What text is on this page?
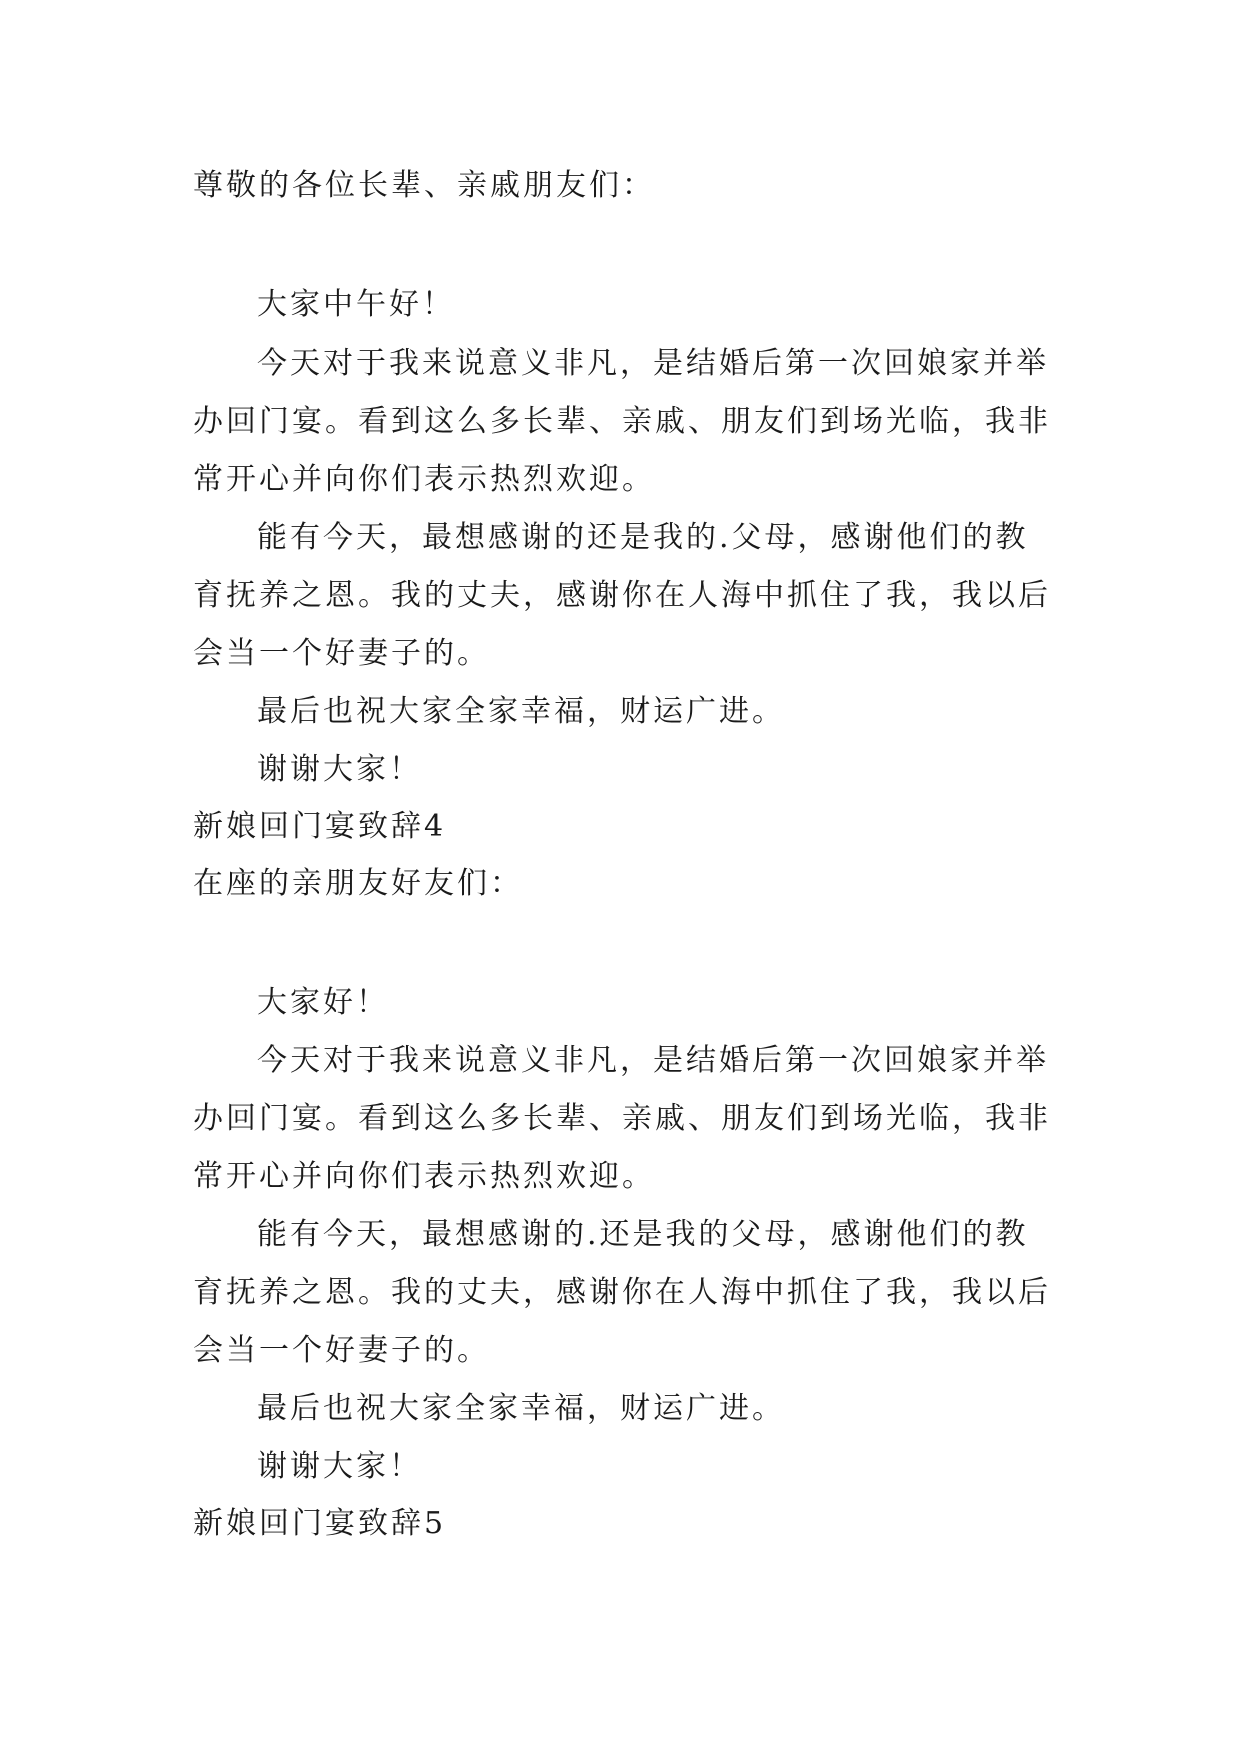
尊敬的各位长辈、亲戚朋友们：
大家中午好！
今天对于我来说意义非凡，是结婚后第一次回娘家并举
办回门宴。看到这么多长辈、亲戚、朋友们到场光临，我非
常开心并向你们表示热烈欢迎。
能有今天，最想感谢的还是我的.父母，感谢他们的教
育抚养之恩。我的丈夫，感谢你在人海中抓住了我，我以后
会当一个好妻子的。
最后也祝大家全家幸福，财运广进。
谢谢大家！
新娘回门宴致辞4
在座的亲朋友好友们：
大家好！
今天对于我来说意义非凡，是结婚后第一次回娘家并举
办回门宴。看到这么多长辈、亲戚、朋友们到场光临，我非
常开心并向你们表示热烈欢迎。
能有今天，最想感谢的.还是我的父母，感谢他们的教
育抚养之恩。我的丈夫，感谢你在人海中抓住了我，我以后
会当一个好妻子的。
最后也祝大家全家幸福，财运广进。
谢谢大家！
新娘回门宴致辞5
